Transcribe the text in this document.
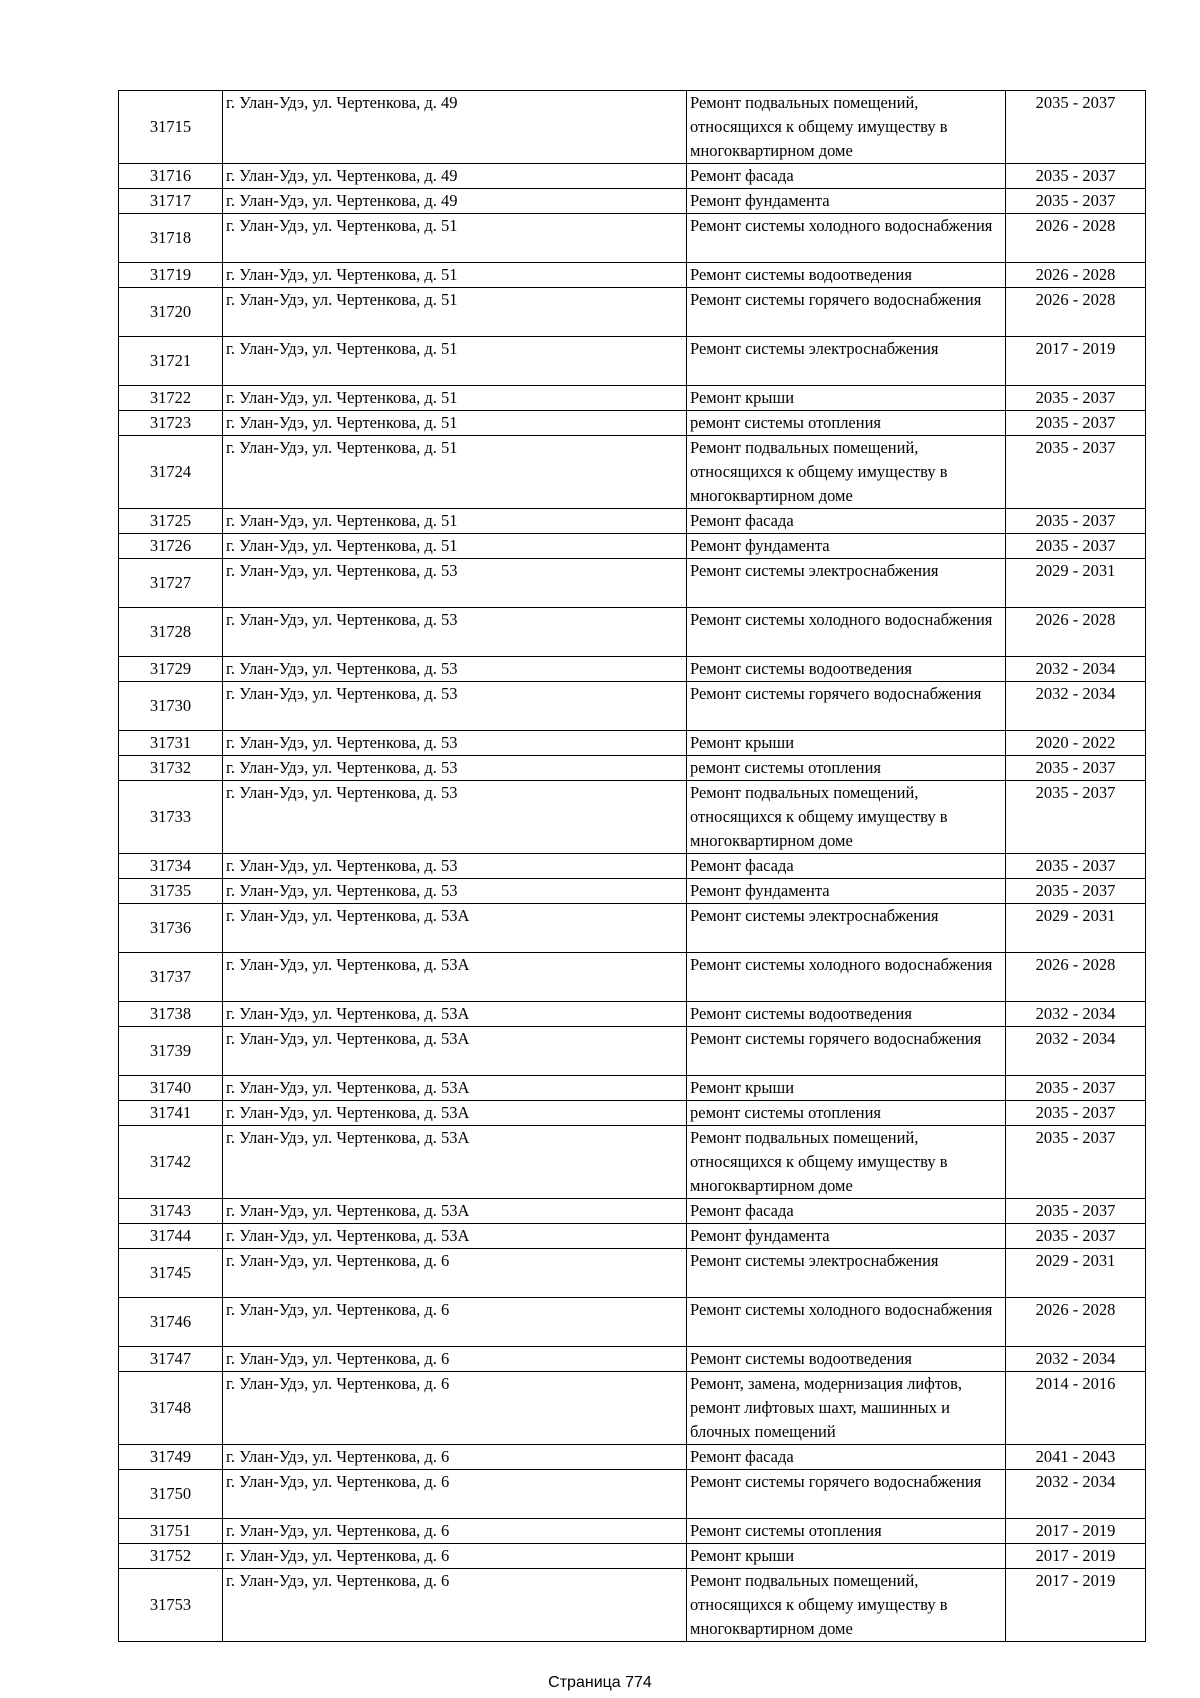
31715	г. Улан-Удэ, ул. Чертенкова, д. 49	Ремонт подвальных помещений, относящихся к общему имуществу в многоквартирном доме	2035 - 2037
31716	г. Улан-Удэ, ул. Чертенкова, д. 49	Ремонт фасада	2035 - 2037
31717	г. Улан-Удэ, ул. Чертенкова, д. 49	Ремонт фундамента	2035 - 2037
31718	г. Улан-Удэ, ул. Чертенкова, д. 51	Ремонт системы холодного водоснабжения	2026 - 2028
31719	г. Улан-Удэ, ул. Чертенкова, д. 51	Ремонт системы водоотведения	2026 - 2028
31720	г. Улан-Удэ, ул. Чертенкова, д. 51	Ремонт системы горячего водоснабжения	2026 - 2028
31721	г. Улан-Удэ, ул. Чертенкова, д. 51	Ремонт системы электроснабжения	2017 - 2019
31722	г. Улан-Удэ, ул. Чертенкова, д. 51	Ремонт крыши	2035 - 2037
31723	г. Улан-Удэ, ул. Чертенкова, д. 51	ремонт системы отопления	2035 - 2037
31724	г. Улан-Удэ, ул. Чертенкова, д. 51	Ремонт подвальных помещений, относящихся к общему имуществу в многоквартирном доме	2035 - 2037
31725	г. Улан-Удэ, ул. Чертенкова, д. 51	Ремонт фасада	2035 - 2037
31726	г. Улан-Удэ, ул. Чертенкова, д. 51	Ремонт фундамента	2035 - 2037
31727	г. Улан-Удэ, ул. Чертенкова, д. 53	Ремонт системы электроснабжения	2029 - 2031
31728	г. Улан-Удэ, ул. Чертенкова, д. 53	Ремонт системы холодного водоснабжения	2026 - 2028
31729	г. Улан-Удэ, ул. Чертенкова, д. 53	Ремонт системы водоотведения	2032 - 2034
31730	г. Улан-Удэ, ул. Чертенкова, д. 53	Ремонт системы горячего водоснабжения	2032 - 2034
31731	г. Улан-Удэ, ул. Чертенкова, д. 53	Ремонт крыши	2020 - 2022
31732	г. Улан-Удэ, ул. Чертенкова, д. 53	ремонт системы отопления	2035 - 2037
31733	г. Улан-Удэ, ул. Чертенкова, д. 53	Ремонт подвальных помещений, относящихся к общему имуществу в многоквартирном доме	2035 - 2037
31734	г. Улан-Удэ, ул. Чертенкова, д. 53	Ремонт фасада	2035 - 2037
31735	г. Улан-Удэ, ул. Чертенкова, д. 53	Ремонт фундамента	2035 - 2037
31736	г. Улан-Удэ, ул. Чертенкова, д. 53А	Ремонт системы электроснабжения	2029 - 2031
31737	г. Улан-Удэ, ул. Чертенкова, д. 53А	Ремонт системы холодного водоснабжения	2026 - 2028
31738	г. Улан-Удэ, ул. Чертенкова, д. 53А	Ремонт системы водоотведения	2032 - 2034
31739	г. Улан-Удэ, ул. Чертенкова, д. 53А	Ремонт системы горячего водоснабжения	2032 - 2034
31740	г. Улан-Удэ, ул. Чертенкова, д. 53А	Ремонт крыши	2035 - 2037
31741	г. Улан-Удэ, ул. Чертенкова, д. 53А	ремонт системы отопления	2035 - 2037
31742	г. Улан-Удэ, ул. Чертенкова, д. 53А	Ремонт подвальных помещений, относящихся к общему имуществу в многоквартирном доме	2035 - 2037
31743	г. Улан-Удэ, ул. Чертенкова, д. 53А	Ремонт фасада	2035 - 2037
31744	г. Улан-Удэ, ул. Чертенкова, д. 53А	Ремонт фундамента	2035 - 2037
31745	г. Улан-Удэ, ул. Чертенкова, д. 6	Ремонт системы электроснабжения	2029 - 2031
31746	г. Улан-Удэ, ул. Чертенкова, д. 6	Ремонт системы холодного водоснабжения	2026 - 2028
31747	г. Улан-Удэ, ул. Чертенкова, д. 6	Ремонт системы водоотведения	2032 - 2034
31748	г. Улан-Удэ, ул. Чертенкова, д. 6	Ремонт, замена, модернизация лифтов, ремонт лифтовых шахт, машинных и блочных помещений	2014 - 2016
31749	г. Улан-Удэ, ул. Чертенкова, д. 6	Ремонт фасада	2041 - 2043
31750	г. Улан-Удэ, ул. Чертенкова, д. 6	Ремонт системы горячего водоснабжения	2032 - 2034
31751	г. Улан-Удэ, ул. Чертенкова, д. 6	Ремонт системы отопления	2017 - 2019
31752	г. Улан-Удэ, ул. Чертенкова, д. 6	Ремонт крыши	2017 - 2019
31753	г. Улан-Удэ, ул. Чертенкова, д. 6	Ремонт подвальных помещений, относящихся к общему имуществу в многоквартирном доме	2017 - 2019
Страница 774
